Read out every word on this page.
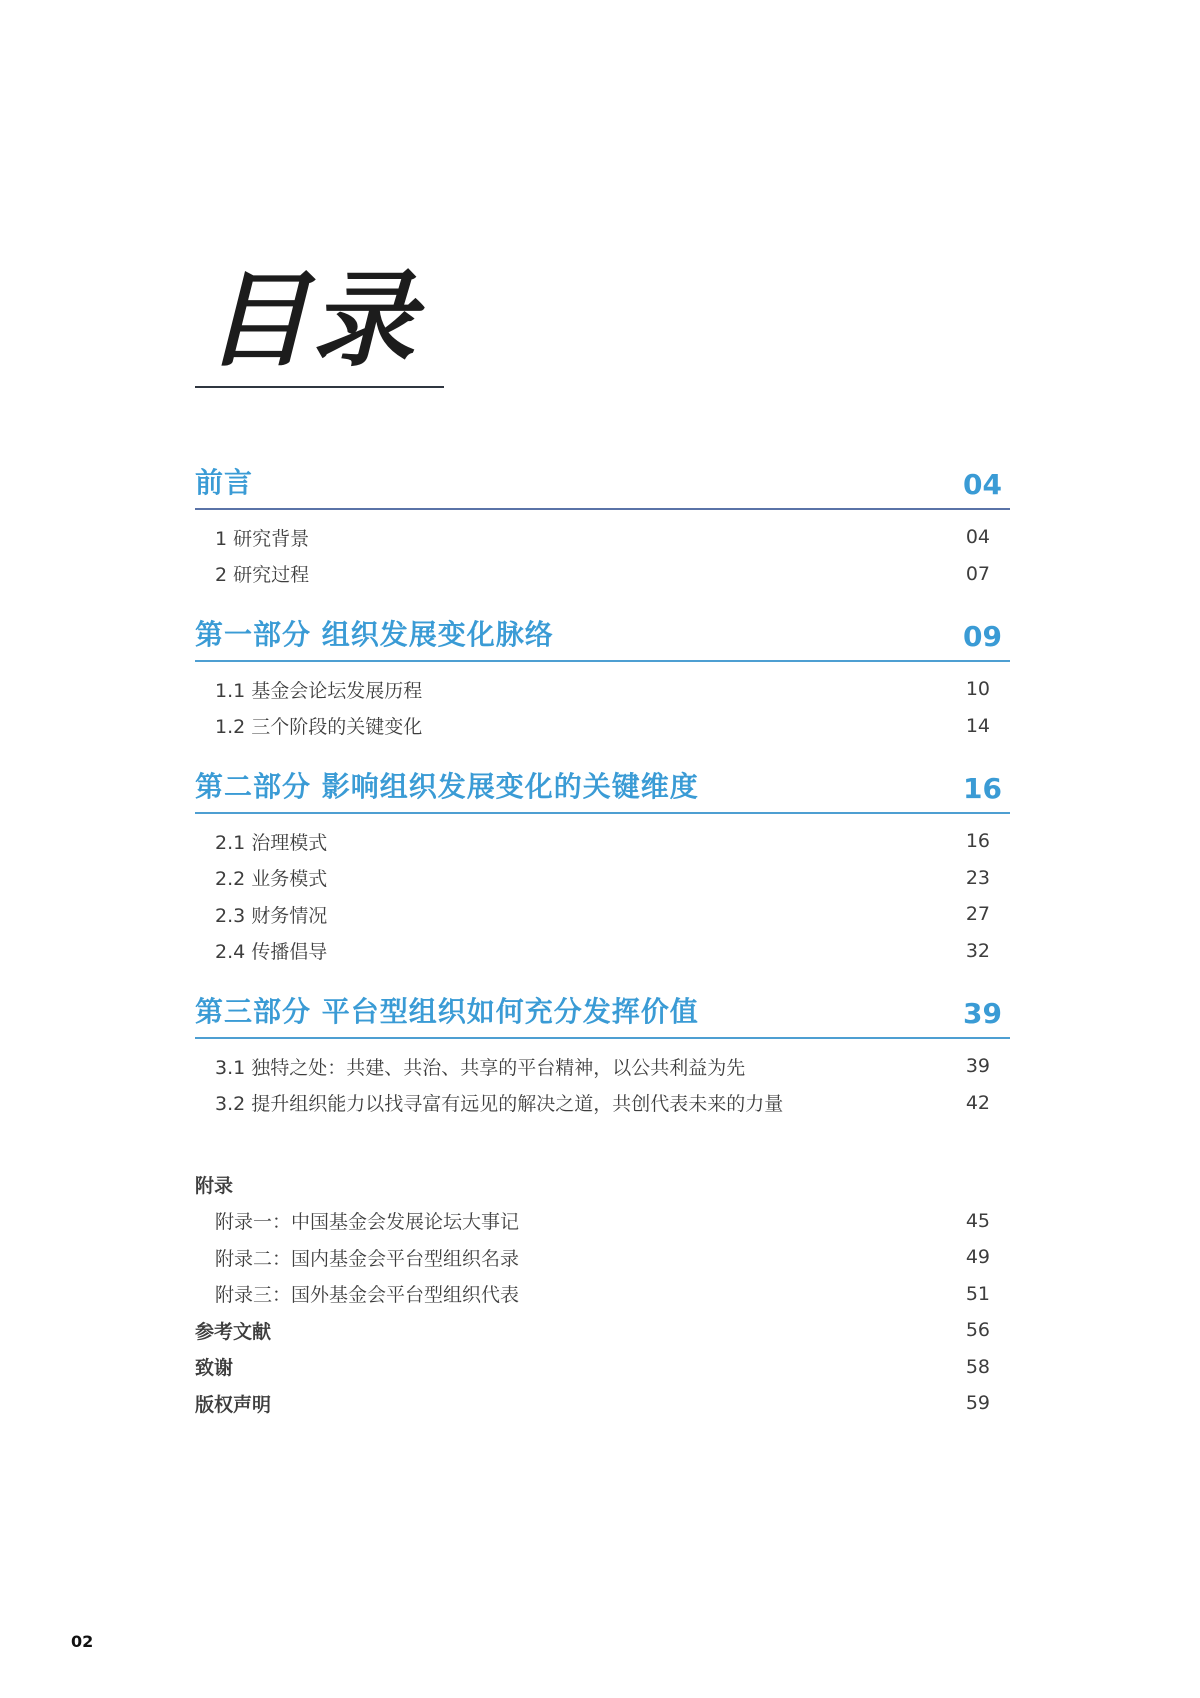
目录
前言	04
1 研究背景	04
2 研究过程	07
第一部分 组织发展变化脉络	09
1.1 基金会论坛发展历程	10
1.2 三个阶段的关键变化	14
第二部分 影响组织发展变化的关键维度	16
2.1 治理模式	16
2.2 业务模式	23
2.3 财务情况	27
2.4 传播倡导	32
第三部分 平台型组织如何充分发挥价值	39
3.1 独特之处：共建、共治、共享的平台精神，以公共利益为先	39
3.2 提升组织能力以找寻富有远见的解决之道，共创代表未来的力量	42
附录
附录一：中国基金会发展论坛大事记	45
附录二：国内基金会平台型组织名录	49
附录三：国外基金会平台型组织代表	51
参考文献	56
致谢	58
版权声明	59
02
